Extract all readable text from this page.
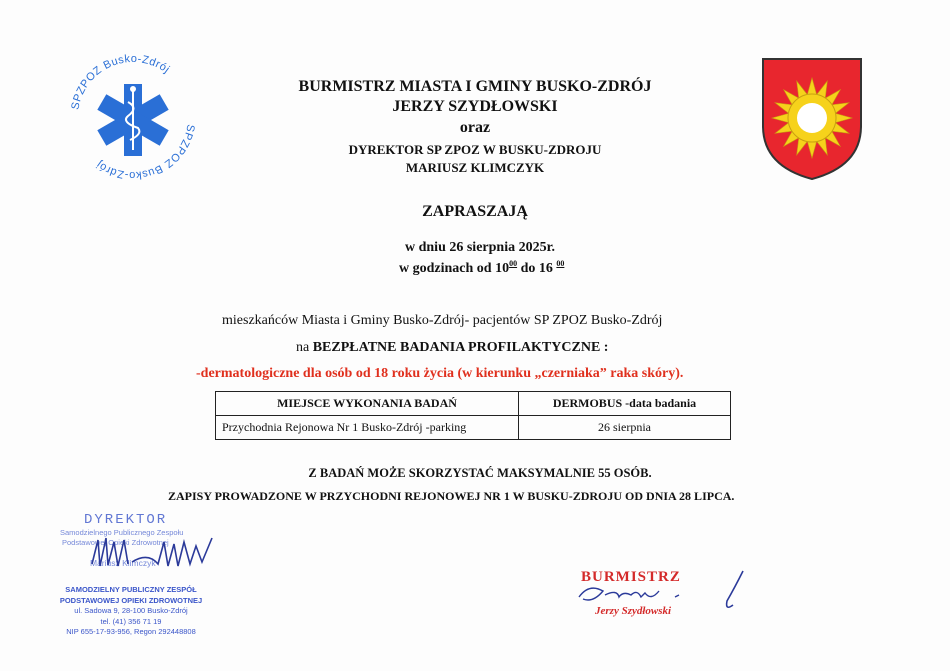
SPZPOZ Busko-Zdrój
SPZPOZ Busko-Zdrój
BURMISTRZ MIASTA I GMINY BUSKO-ZDRÓJ
JERZY SZYDŁOWSKI
oraz
DYREKTOR SP ZPOZ W BUSKU-ZDROJU
MARIUSZ KLIMCZYK
ZAPRASZAJĄ
w dniu 26 sierpnia 2025r.
w godzinach od $10^{00}$ do 16 $^{00}$
mieszkańców Miasta i Gminy Busko-Zdrój- pacjentów SP ZPOZ Busko-Zdrój
na BEZPŁATNE BADANIA PROFILAKTYCZNE :
-dermatologiczne dla osób od 18 roku życia (w kierunku „czerniaka” raka skóry).
MIEJSCE WYKONANIA BADAŃ	DERMOBUS -data badania
Przychodnia Rejonowa Nr 1 Busko-Zdrój -parking	26 sierpnia
Z BADAŃ MOŻE SKORZYSTAĆ MAKSYMALNIE 55 OSÓB.
ZAPISY PROWADZONE W PRZYCHODNI REJONOWEJ NR 1 W BUSKU-ZDROJU OD DNIA 28 LIPCA.
DYREKTOR
Samodzielnego Publicznego Zespołu
Podstawowej Opieki Zdrowotnej
Mariusz Klimczyk
SAMODZIELNY PUBLICZNY ZESPÓŁ
PODSTAWOWEJ OPIEKI ZDROWOTNEJ
ul. Sadowa 9, 28-100 Busko-Zdrój
tel. (41) 356 71 19
NIP 655-17-93-956, Regon 292448808
BURMISTRZ
Jerzy Szydłowski
